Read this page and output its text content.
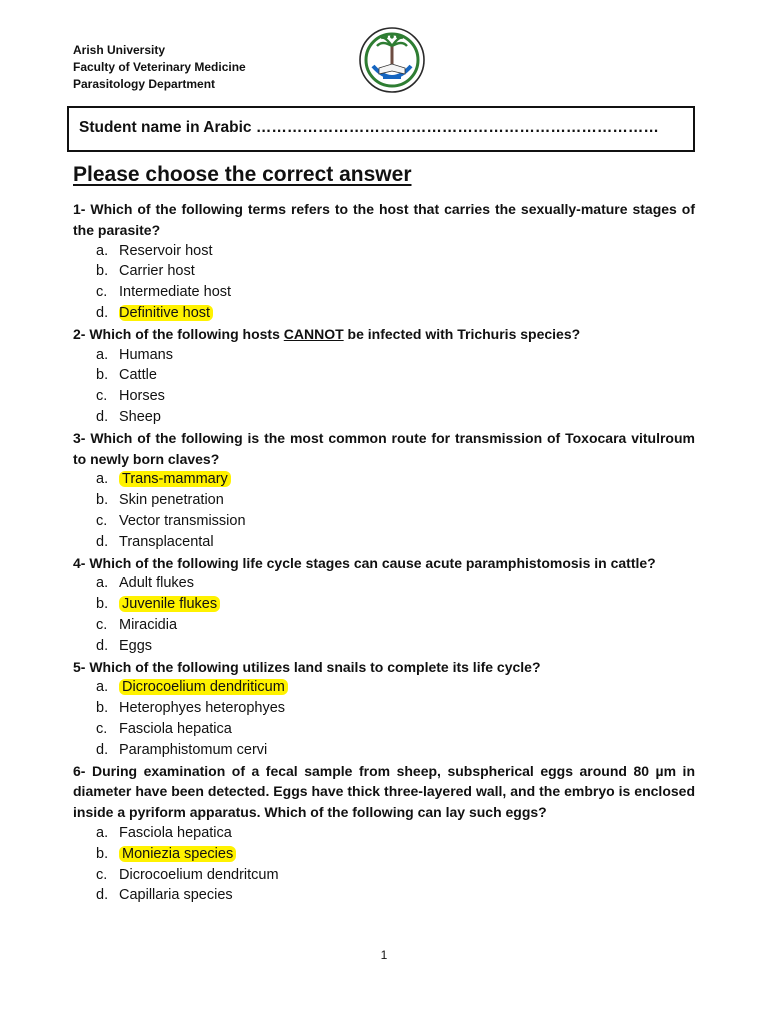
Arish University
Faculty of Veterinary Medicine
Parasitology Department
● ● ●
Student name in Arabic ……………………………………………………………………
Please choose the correct answer
1- Which of the following terms refers to the host that carries the sexually-mature stages of the parasite?
a. Reservoir host
b. Carrier host
c. Intermediate host
d. Definitive host
2- Which of the following hosts CANNOT be infected with Trichuris species?
a. Humans
b. Cattle
c. Horses
d. Sheep
3- Which of the following is the most common route for transmission of Toxocara vitulroum to newly born claves?
a. Trans-mammary
b. Skin penetration
c. Vector transmission
d. Transplacental
4- Which of the following life cycle stages can cause acute paramphistomosis in cattle?
a. Adult flukes
b. Juvenile flukes
c. Miracidia
d. Eggs
5- Which of the following utilizes land snails to complete its life cycle?
a. Dicrocoelium dendriticum
b. Heterophyes heterophyes
c. Fasciola hepatica
d. Paramphistomum cervi
6- During examination of a fecal sample from sheep, subspherical eggs around 80 µm in diameter have been detected. Eggs have thick three-layered wall, and the embryo is enclosed inside a pyriform apparatus. Which of the following can lay such eggs?
a. Fasciola hepatica
b. Moniezia species
c. Dicrocoelium dendritcum
d. Capillaria species
1
